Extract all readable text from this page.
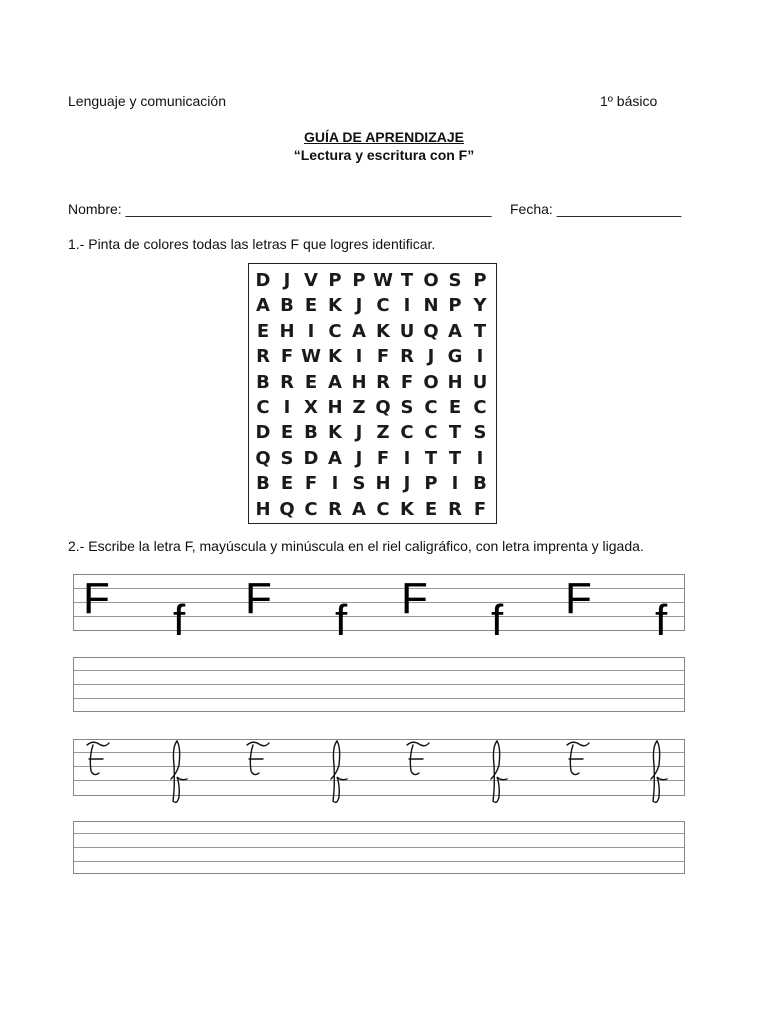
Lenguaje y comunicación	1º básico
GUÍA DE APRENDIZAJE
“Lectura y escritura con F”
Nombre: _______________________________________________ Fecha: ________________
1.- Pinta de colores todas las letras F que logres identificar.
D J V P P W T O S P
A B E K J C I N P Y
E H I C A K U Q A T
R F W K I F R J G I
B R E A H R F O H U
C I X H Z Q S C E C
D E B K J Z C C T S
Q S D A J F I T T I
B E F I S H J P I B
H Q C R A C K E R F
2.- Escribe la letra F, mayúscula y minúscula en el riel caligráfico, con letra imprenta y ligada.
F f F f F f F f
